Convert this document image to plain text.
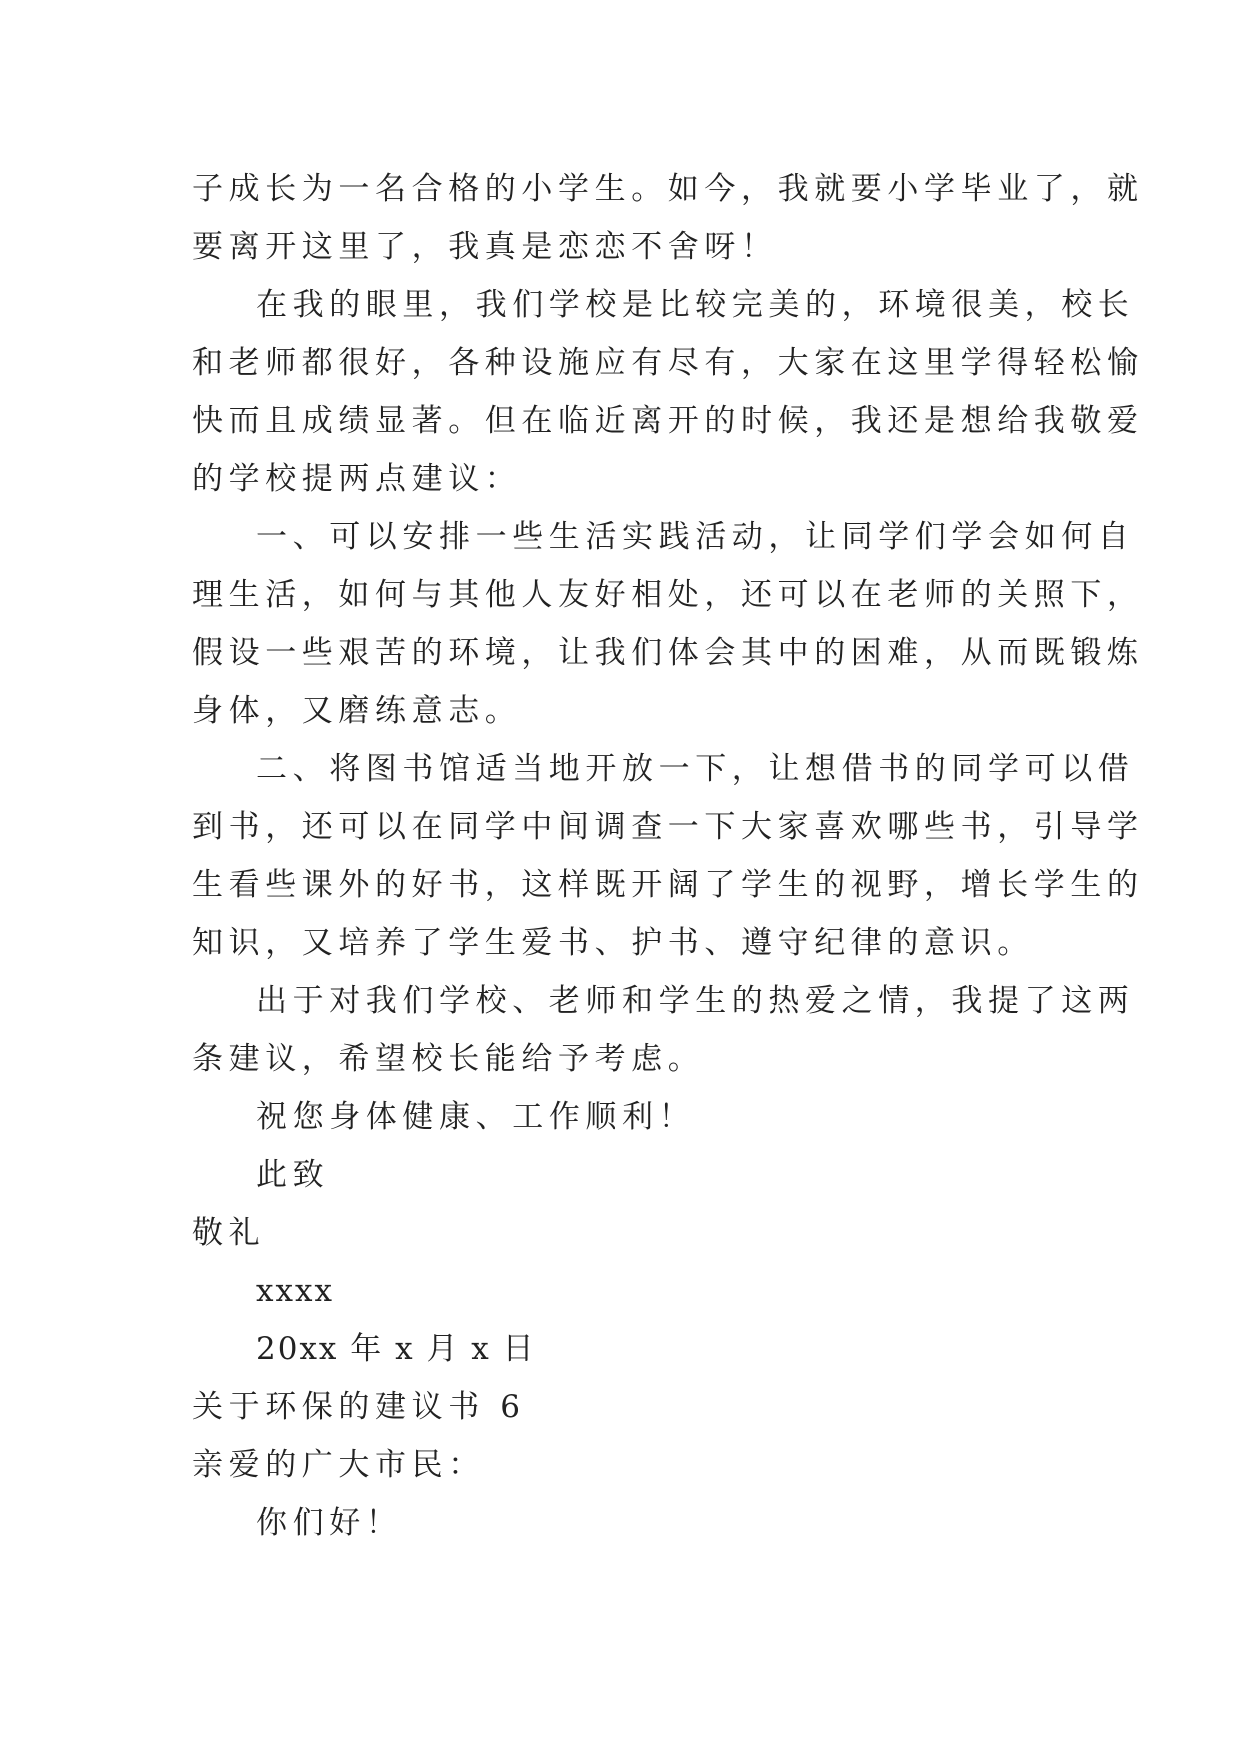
子成长为一名合格的小学生。如今，我就要小学毕业了，就
要离开这里了，我真是恋恋不舍呀！
在我的眼里，我们学校是比较完美的，环境很美，校长
和老师都很好，各种设施应有尽有，大家在这里学得轻松愉
快而且成绩显著。但在临近离开的时候，我还是想给我敬爱
的学校提两点建议：
一、可以安排一些生活实践活动，让同学们学会如何自
理生活，如何与其他人友好相处，还可以在老师的关照下，
假设一些艰苦的环境，让我们体会其中的困难，从而既锻炼
身体，又磨练意志。
二、将图书馆适当地开放一下，让想借书的同学可以借
到书，还可以在同学中间调查一下大家喜欢哪些书，引导学
生看些课外的好书，这样既开阔了学生的视野，增长学生的
知识，又培养了学生爱书、护书、遵守纪律的意识。
出于对我们学校、老师和学生的热爱之情，我提了这两
条建议，希望校长能给予考虑。
祝您身体健康、工作顺利！
此致
敬礼
xxxx
20xx 年 x 月 x 日
关于环保的建议书 6
亲爱的广大市民：
你们好！
